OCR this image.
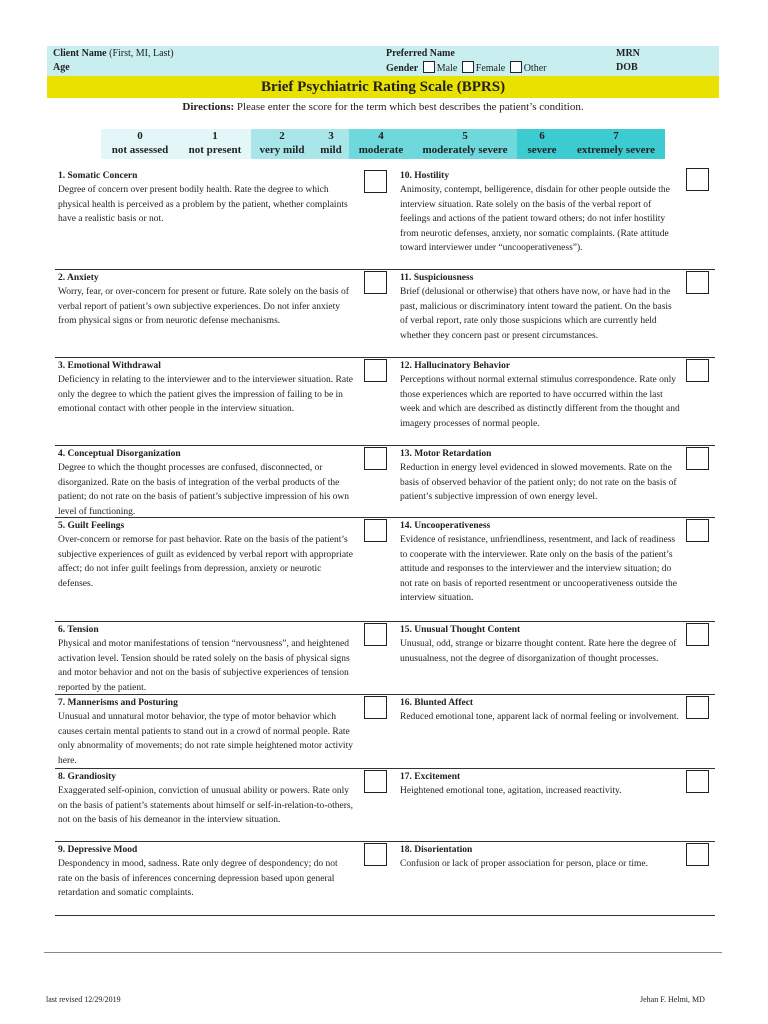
Client Name (First, MI, Last)
Age
Preferred Name
Gender Male Female Other
MRN
DOB
Brief Psychiatric Rating Scale (BPRS)
Directions: Please enter the score for the term which best describes the patient’s condition.
0
not assessed
1
not present
2
very mild
3
mild
4
moderate
5
moderately severe
6
severe
7
extremely severe
1. Somatic Concern
Degree of concern over present bodily health. Rate the degree to which physical health is perceived as a problem by the patient, whether complaints have a realistic basis or not.
2. Anxiety
Worry, fear, or over-concern for present or future. Rate solely on the basis of verbal report of patient’s own subjective experiences. Do not infer anxiety from physical signs or from neurotic defense mechanisms.
3. Emotional Withdrawal
Deficiency in relating to the interviewer and to the interviewer situation. Rate only the degree to which the patient gives the impression of failing to be in emotional contact with other people in the interview situation.
4. Conceptual Disorganization
Degree to which the thought processes are confused, disconnected, or disorganized. Rate on the basis of integration of the verbal products of the patient; do not rate on the basis of patient’s subjective impression of his own level of functioning.
5. Guilt Feelings
Over-concern or remorse for past behavior. Rate on the basis of the patient’s subjective experiences of guilt as evidenced by verbal report with appropriate affect; do not infer guilt feelings from depression, anxiety or neurotic defenses.
6. Tension
Physical and motor manifestations of tension “nervousness”, and heightened activation level. Tension should be rated solely on the basis of physical signs and motor behavior and not on the basis of subjective experiences of tension reported by the patient.
7. Mannerisms and Posturing
Unusual and unnatural motor behavior, the type of motor behavior which causes certain mental patients to stand out in a crowd of normal people. Rate only abnormality of movements; do not rate simple heightened motor activity here.
8. Grandiosity
Exaggerated self-opinion, conviction of unusual ability or powers. Rate only on the basis of patient’s statements about himself or self-in-relation-to-others, not on the basis of his demeanor in the interview situation.
9. Depressive Mood
Despondency in mood, sadness. Rate only degree of despondency; do not rate on the basis of inferences concerning depression based upon general retardation and somatic complaints.
10. Hostility
Animosity, contempt, belligerence, disdain for other people outside the interview situation. Rate solely on the basis of the verbal report of feelings and actions of the patient toward others; do not infer hostility from neurotic defenses, anxiety, nor somatic complaints. (Rate attitude toward interviewer under “uncooperativeness”).
11. Suspiciousness
Brief (delusional or otherwise) that others have now, or have had in the past, malicious or discriminatory intent toward the patient. On the basis of verbal report, rate only those suspicions which are currently held whether they concern past or present circumstances.
12. Hallucinatory Behavior
Perceptions without normal external stimulus correspondence. Rate only those experiences which are reported to have occurred within the last week and which are described as distinctly different from the thought and imagery processes of normal people.
13. Motor Retardation
Reduction in energy level evidenced in slowed movements. Rate on the basis of observed behavior of the patient only; do not rate on the basis of patient’s subjective impression of own energy level.
14. Uncooperativeness
Evidence of resistance, unfriendliness, resentment, and lack of readiness to cooperate with the interviewer. Rate only on the basis of the patient’s attitude and responses to the interviewer and the interview situation; do not rate on basis of reported resentment or uncooperativeness outside the interview situation.
15. Unusual Thought Content
Unusual, odd, strange or bizarre thought content. Rate here the degree of unusualness, not the degree of disorganization of thought processes.
16. Blunted Affect
Reduced emotional tone, apparent lack of normal feeling or involvement.
17. Excitement
Heightened emotional tone, agitation, increased reactivity.
18. Disorientation
Confusion or lack of proper association for person, place or time.
last revised 12/29/2019	Jehan F. Helmi, MD
